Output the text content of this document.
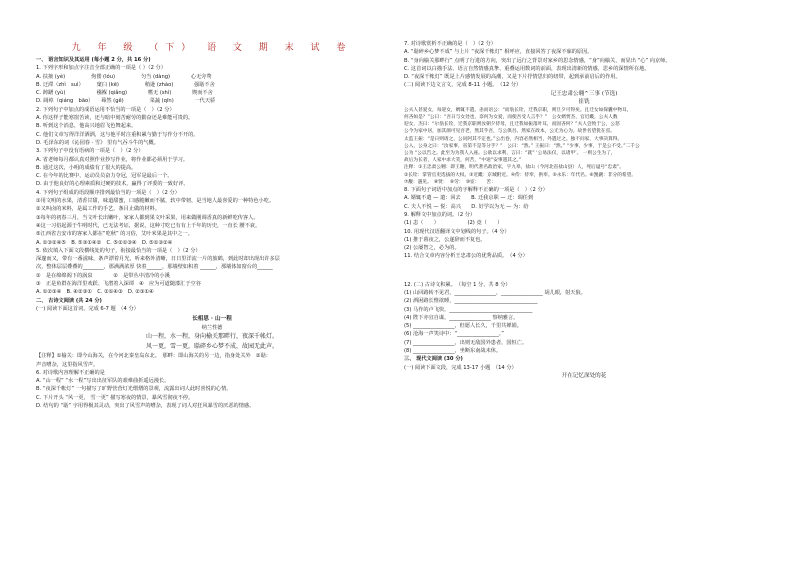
九 年 级 （下） 语 文 期 末 试 卷
一、 语言知识及其运用 (每小题 2 分，共 16 分)
1. 下列字形和加点字注音全部正确的一项是（ ）（2 分）
A. 扶掖 (yè)　　　　　佝偻 (lóu)　　　　　匀当 (dàng)　　　　心无旁骛
B. 迂滞（zhì　suì）　　　窠臼 (kē)　　　　　稍逊 (zhào)　　　　强聒不舍
C. 踌躇 (yù)　　　　　　襁褓 (qiǎng)　　　　嗜无 (shì)　　　　锲而不舍
D. 阔绰（qiáng　bāo）　　蓦然 (ɡě)　　　　　菜蔬 (qīn)　　　　一代天骄
2. 下列句子中加点的成语运用不恰当的一项是（　）（2 分）
A. 你这样子能寒窗苦读，还与暗中刻苦耐劳的勤奋还是难能可贵的。
B. 听到这个消息，他高兴地眉飞色舞起来。
C. 他们文章写得洋洋洒洒，这与他平时注重积累与勤于写作分不开的。
D. 毛泽东的词《沁园春 · 雪》 里有气吞斗牛的气概。
3. 下列句子中没有语病的一项是（　）（2 分）
A. 省老师每月都认真对照作业抄写作业，将作业都必须用于学习。
B. 通过这次，小明的成绩有了很大的提高。
C. 在今年的比赛中，运动员员奋力夺冠，冠军是最后一个。
D. 由于他良好的心理素质和过硬的技术，赢得了评委的一致好评。
4. 下列句子组成的语段顺序排列最恰当的一项是（　）（2 分）
①用文明的水果，清香甘甜，味道甜蜜，口感脆嫩而不腻，软中带韧，是当地人最喜爱的一种特色小吃。
②又叫卤的米料，是属工作的手艺，条目止做的材料。
③每年的初春三月，当文叶长出嫩叶，家家人都到果文叶采果，用来做刚调香真的新鲜吃传客人。
④这一习俗起源于牛明时代，已无法考证，据说，这种寸吃已有有上千年的历史，一直长 腰不衰。
⑤江西省吉安市的客家人都在“吃秋” 的习俗，艾叶米果是其中之一。
A. ①③②④⑤　B. ⑤③①④②　C. ⑤②①③④　D. ⑤①③②④
5. 依次填入下面文段横线处的句子，衔接最恰当的一项是（　）（2 分）
深邃而又，带有一番滋味，条声漂着月光，听来格外清晰，日日里洋流一片的旅鹤，到此时却出现出许多层
次，整体层层叠叠的________，那满满浓厚 快着______，那墙壁如积着 ______，那墙体如窗台的______
①　是在绵绵阁下的涡泉　　　　②　是带丛中清冷的小溪
③　正是鱼群在海洋里欢跃、飞潜着入深谭　④　应为可道随漆汇于空谷
A. ①②③④　B. ④②③①　C. ②①④③　D. ②③①④
二、 古诗文阅读 (共 24 分)
(一) 阅读下面这首词，完成 6-7 题　（4 分）
长相思 · 山一程
纳兰性德
山一程，水一程，身向榆关那畔行，夜深千帐灯。
风一更，雪一更，聒碎乡心梦不成，故园无此声。
【注释】①榆关：即今山海关，在今河北秦皇岛东北。　那畔：即山海关的另一边，指身处关外　②聒：
声音嘈杂，这里指风雪声。
6. 对诗歌内容理解不正确的是
A. “山一程” “水一程”写出出征军队的艰难曲折遥远漫长。
B. “夜深千帐灯” 一句描写了旷野营营灯光熠熠的景观，流露出词人此时喜悦的心情。
C. 下片开头 “风一更， 雪一更” 描写寒夜的情景，暴风雪彻夜不停。
D. 结句的 “聒” 字用得极其灵动，突出了风雪声的嘈杂，表现了词人对狂风暴雪的厌恶的情感。
7. 对诗歌赏析不正确的是（　）（2 分）
A. “聒碎乡心梦不成” 与上片 “夜深千帐灯” 相呼应，直接回答了夜深不寐的原因。
B. “身向榆关那畔行” 点明了行进的方向，突出了远行之背景对家乡的思念情感，“身”向榆关，而显出 “心” 向京师。
C. 这首词以白描手法、语言自然情感真挚、重叠运用数词的前面，表现出清新的情感，思乡的深情所在地。
D. “夜深千帐灯” 既是上片感情发展的高潮，又是下片抒情思归的纽带，起到承前启后的作用。
(二) 阅读下边文言文，完成 8-11 小题。　（12 分）
记王忠肃公翱^三事 (节选)
崔铣
公夫人甚爱女，每迎女，婿辄不遣。恚而语公：“而翁长铨，迁我京职，则旦夕可得矣。且迁女如探囊中物耳，
何吝如是？”公曰：“吾日与女处也，奈何为女爱，而使吾受人言乎？”　公女婿贾杰，官近畿，公夫人数
迎女，杰曰：“尔翁长铨，迁我京职则汝朝夕侍母，且迁我如振落叶耳，而固吝何？”夫人尝致于公，公怒
公今为家中居，加其颜可见吾老，然其乎吾，与公俱吾。然家在政本，公无为心为。故世名望犹在焉。
太监王振：“是日则请之，公问阿其不定也。”公出卷，内容必然相当，外遣过之。独不问家，大事决算得。
公入，公身之曰：“汝家事，省第不是等分手？”　公曰：“然。” 王振曰：“然。” “少事，少事，于是公不受。”二千公
公为 “公以告之。此至为为我人入座。公欲以求利，言曰：“就” ‘公易法仅，以诸甲’。 一则公生为了，
故后为长者，人家中求大笑，何苦，“中途”安事遗其之。”
注释：①王忠肃公翱：即王翱，明代著名政治家，字九皋，盐山（今河北省盐山县）人，死后谥号“忠肃”。
②长铨：掌管官吏选拔的大权。③近畿：京城附近。④侍：侍奉，供奉。⑤永乐：年代名。⑥觊觎：非分的希望。
⑦觏：遇见。　⑧贤：　⑨劳：　⑩宦：　　苦：
8. 下面句子词语中加点的字解释不正确的一项是（　）（2 分）
A. 婿辄不遣 — 遣：回去　　B. 迁我京职 — 迁：调任到
C. 夫人不悦 — 悦：高兴　　D. 好学以为无 — 为：给
9. 解释文中加点的词。（2 分）
(1) 恚（　　）　　　　　　(2) 竟（　　）
10. 用现代汉语翻译文中划线的句子。（4 分）
(1) 推于暮夜之，公遂辞而不复也。
(2) 公屡智之，必为的。
11. 结合文章内容分析王忠肃公的优秀品质。　（4 分）
12. (二) 古诗文积累。　（每空 1 分，共 8 分）
(1) 山回路转不见君，________________，________________ 胡儿眼，射天狼。
(2) 酒困路长惟欲睡，________________________________
(3) 马作的卢飞快，________________________________
(4) 陛下亦宜自谋，________________ 察纳雅言。
(5) ________________，但愿人长久，千里共婵娟。
(6) 沧海一声笑诗中：“________________。”
(7) ________________，出则无敌国外患者，国恒亡。
(8) ________________，坐断东南战未休。
三、 现代文阅读 (30 分)
(一) 阅读下面文段，完成 13-17 小题　（14 分）
开在记忆深处的花
